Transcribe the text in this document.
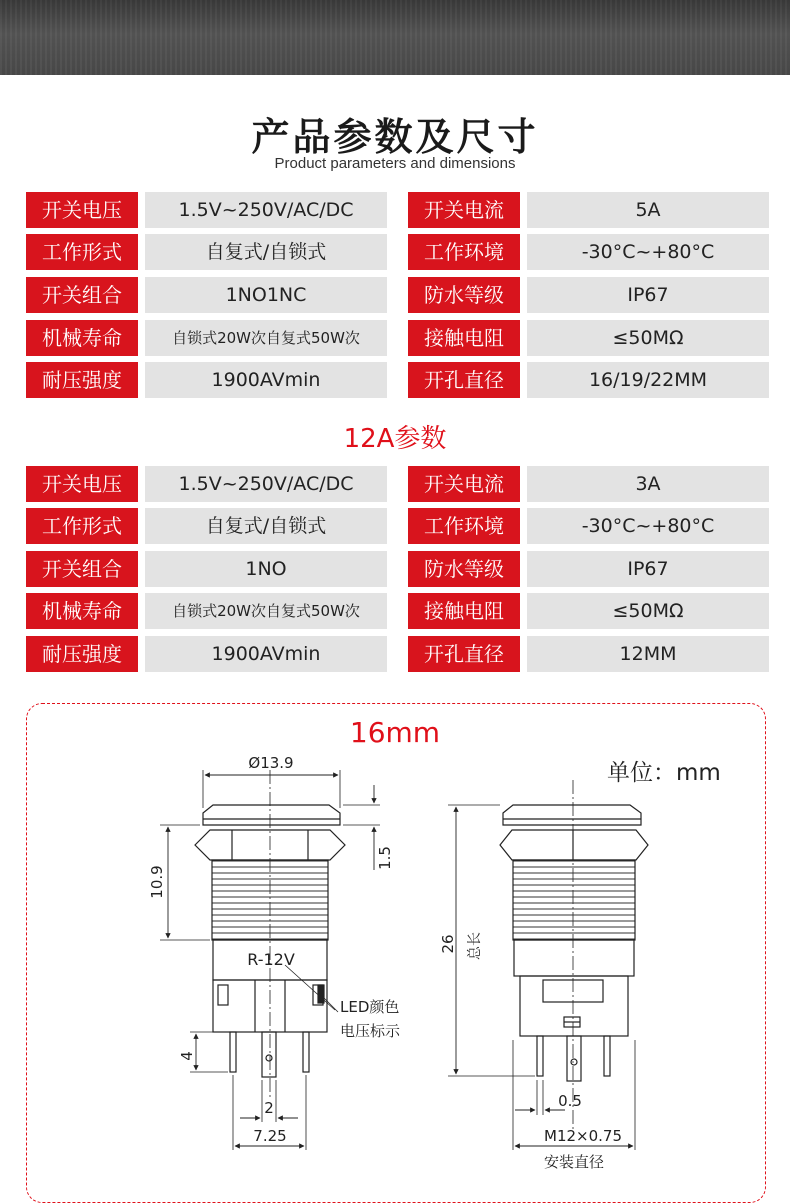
产品参数及尺寸
Product parameters and dimensions
开关电压	1.5V~250V/AC/DC	开关电流	5A
工作形式	自复式/自锁式	工作环境	-30°C~+80°C
开关组合	1NO1NC	防水等级	IP67
机械寿命	自锁式20W次自复式50W次	接触电阻	≤50MΩ
耐压强度	1900AVmin	开孔直径	16/19/22MM
12A参数
开关电压	1.5V~250V/AC/DC	开关电流	3A
工作形式	自复式/自锁式	工作环境	-30°C~+80°C
开关组合	1NO	防水等级	IP67
机械寿命	自锁式20W次自复式50W次	接触电阻	≤50MΩ
耐压强度	1900AVmin	开孔直径	12MM
16mm
单位：mm
Ø13.9
10.9
1.5
R-12V
LED颜色
电压标示
4
2
7.25
26 总长
0.5
M12×0.75
安装直径
